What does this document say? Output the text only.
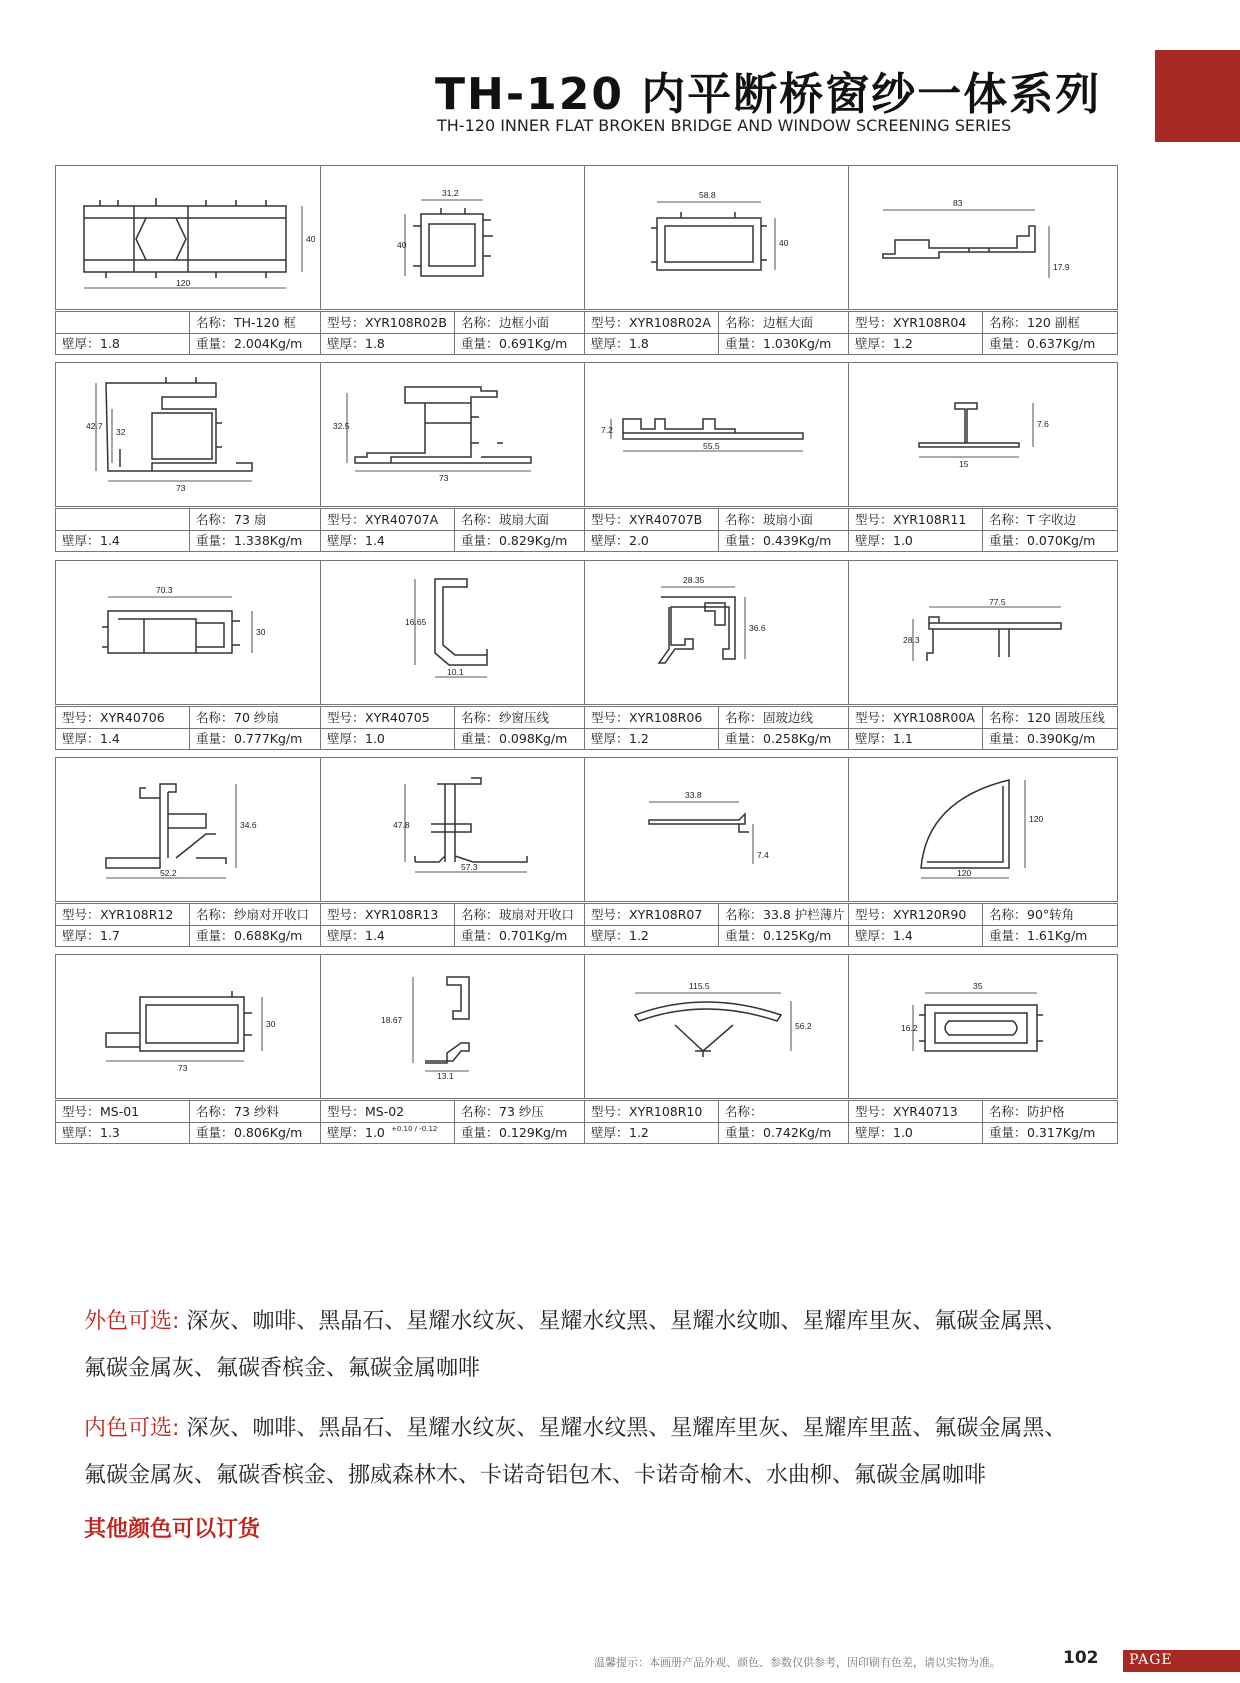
TH-120 内平断桥窗纱一体系列
TH-120 INNER FLAT BROKEN BRIDGE AND WINDOW SCREENING SERIES
120
40
名称： TH-120 框
壁厚： 1.8	重量： 2.004Kg/m
31.2
40
型号： XYR108R02B 名称： 边框小面
壁厚： 1.8	重量： 0.691Kg/m
58.8
40
型号： XYR108R02A 名称： 边框大面
壁厚： 1.8	重量： 1.030Kg/m
83
17.9
型号： XYR108R04 名称： 120 副框
壁厚： 1.2	重量： 0.637Kg/m
73
42.7
32
名称： 73 扇
壁厚： 1.4	重量： 1.338Kg/m
73
32.5
型号： XYR40707A 名称： 玻扇大面
壁厚： 1.4	重量： 0.829Kg/m
55.5
7.2
型号： XYR40707B 名称： 玻扇小面
壁厚： 2.0	重量： 0.439Kg/m
15
7.6
型号： XYR108R11 名称： T 字收边
壁厚： 1.0	重量： 0.070Kg/m
70.3
30
型号： XYR40706	名称： 70 纱扇
壁厚： 1.4	重量： 0.777Kg/m
10.1
16.65
型号： XYR40705	名称： 纱窗压线
壁厚： 1.0	重量： 0.098Kg/m
28.35
36.6
型号： XYR108R06 名称： 固玻边线
壁厚： 1.2	重量： 0.258Kg/m
77.5
28.3
型号： XYR108R00A 名称： 120 固玻压线
壁厚： 1.1	重量： 0.390Kg/m
52.2
34.6
型号： XYR108R12 名称： 纱扇对开收口
壁厚： 1.7	重量： 0.688Kg/m
57.3
47.8
型号： XYR108R13 名称： 玻扇对开收口
壁厚： 1.4	重量： 0.701Kg/m
33.8
7.4
型号： XYR108R07 名称： 33.8 护栏薄片
壁厚： 1.2	重量： 0.125Kg/m
120
120
型号： XYR120R90 名称： 90°转角
壁厚： 1.4	重量： 1.61Kg/m
73
30
型号： MS-01	名称： 73 纱料
壁厚： 1.3	重量： 0.806Kg/m
13.1
18.67
型号： MS-02	名称： 73 纱压
壁厚： 1.0 +0.10 / -0.12 重量： 0.129Kg/m
115.5
56.2
型号： XYR108R10 名称：
壁厚： 1.2	重量： 0.742Kg/m
35
16.2
型号： XYR40713	名称： 防护格
壁厚： 1.0	重量： 0.317Kg/m
外色可选: 深灰、咖啡、黑晶石、星耀水纹灰、星耀水纹黑、星耀水纹咖、星耀库里灰、氟碳金属黑、
氟碳金属灰、氟碳香槟金、氟碳金属咖啡
内色可选: 深灰、咖啡、黑晶石、星耀水纹灰、星耀水纹黑、星耀库里灰、星耀库里蓝、氟碳金属黑、
氟碳金属灰、氟碳香槟金、挪威森林木、卡诺奇铝包木、卡诺奇榆木、水曲柳、氟碳金属咖啡
其他颜色可以订货
温馨提示：本画册产品外观、颜色、参数仅供参考，因印刷有色差，请以实物为准。	102 PAGE
